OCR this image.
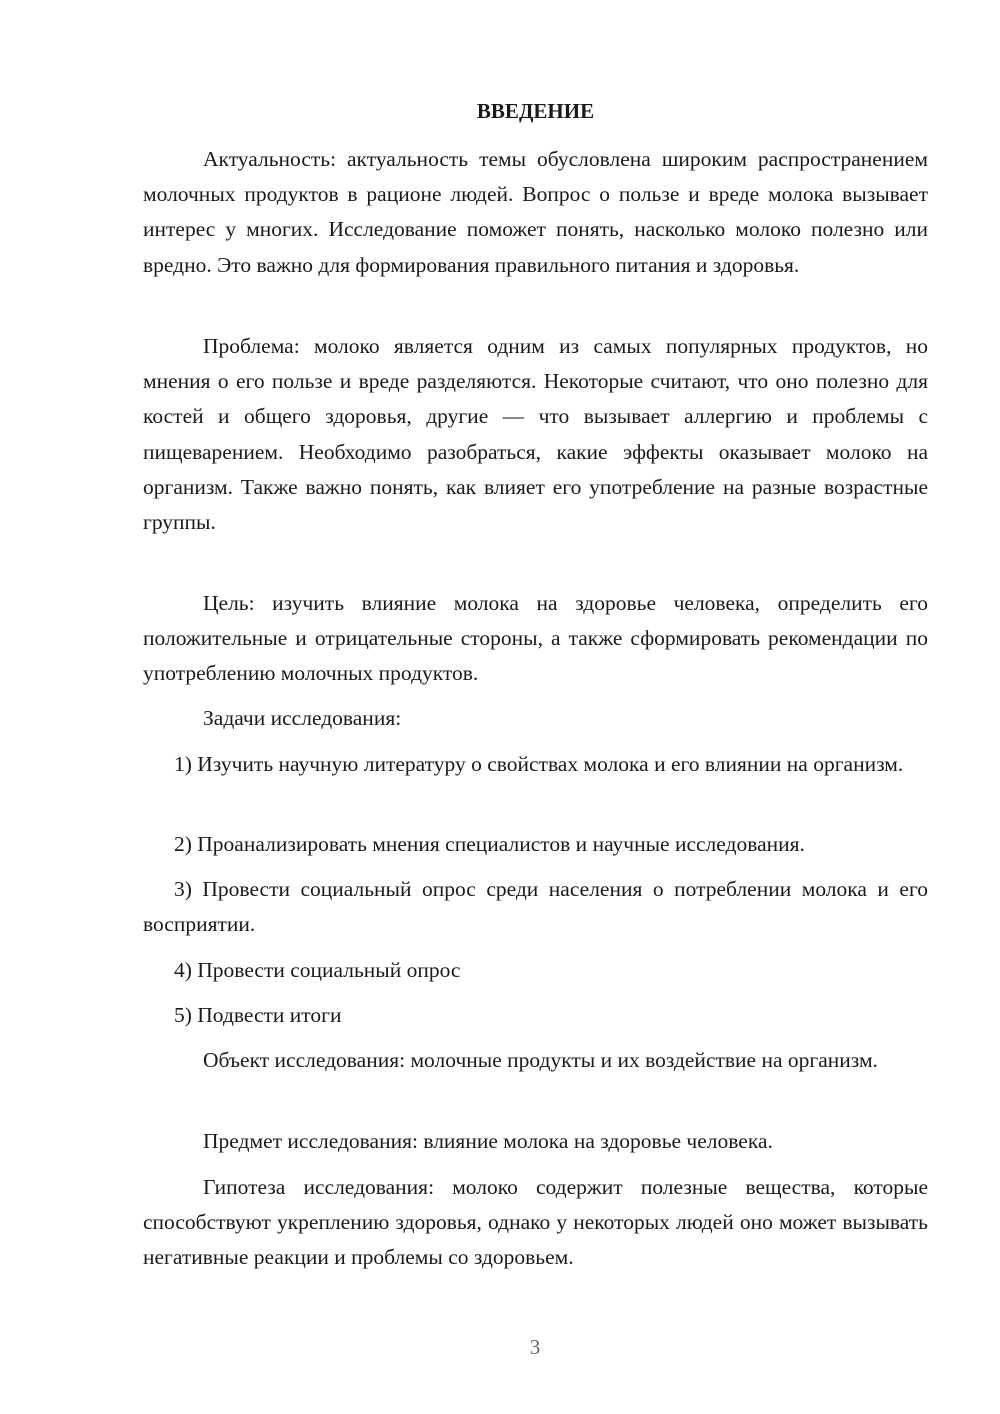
ВВЕДЕНИЕ

Актуальность: актуальность темы обусловлена широким распространением молочных продуктов в рационе людей. Вопрос о пользе и вреде молока вызывает интерес у многих. Исследование поможет понять, насколько молоко полезно или вредно. Это важно для формирования правильного питания и здоровья.

Проблема: молоко является одним из самых популярных продуктов, но мнения о его пользе и вреде разделяются. Некоторые считают, что оно полезно для костей и общего здоровья, другие — что вызывает аллергию и проблемы с пищеварением. Необходимо разобраться, какие эффекты оказывает молоко на организм. Также важно понять, как влияет его употребление на разные возрастные группы.

Цель: изучить влияние молока на здоровье человека, определить его положительные и отрицательные стороны, а также сформировать рекомендации по употреблению молочных продуктов.

Задачи исследования:

1) Изучить научную литературу о свойствах молока и его влиянии на организм.

2) Проанализировать мнения специалистов и научные исследования.

3) Провести социальный опрос среди населения о потреблении молока и его восприятии.

4) Провести социальный опрос

5) Подвести итоги

Объект исследования: молочные продукты и их воздействие на организм.

Предмет исследования: влияние молока на здоровье человека.

Гипотеза исследования: молоко содержит полезные вещества, которые способствуют укреплению здоровья, однако у некоторых людей оно может вызывать негативные реакции и проблемы со здоровьем.

3
